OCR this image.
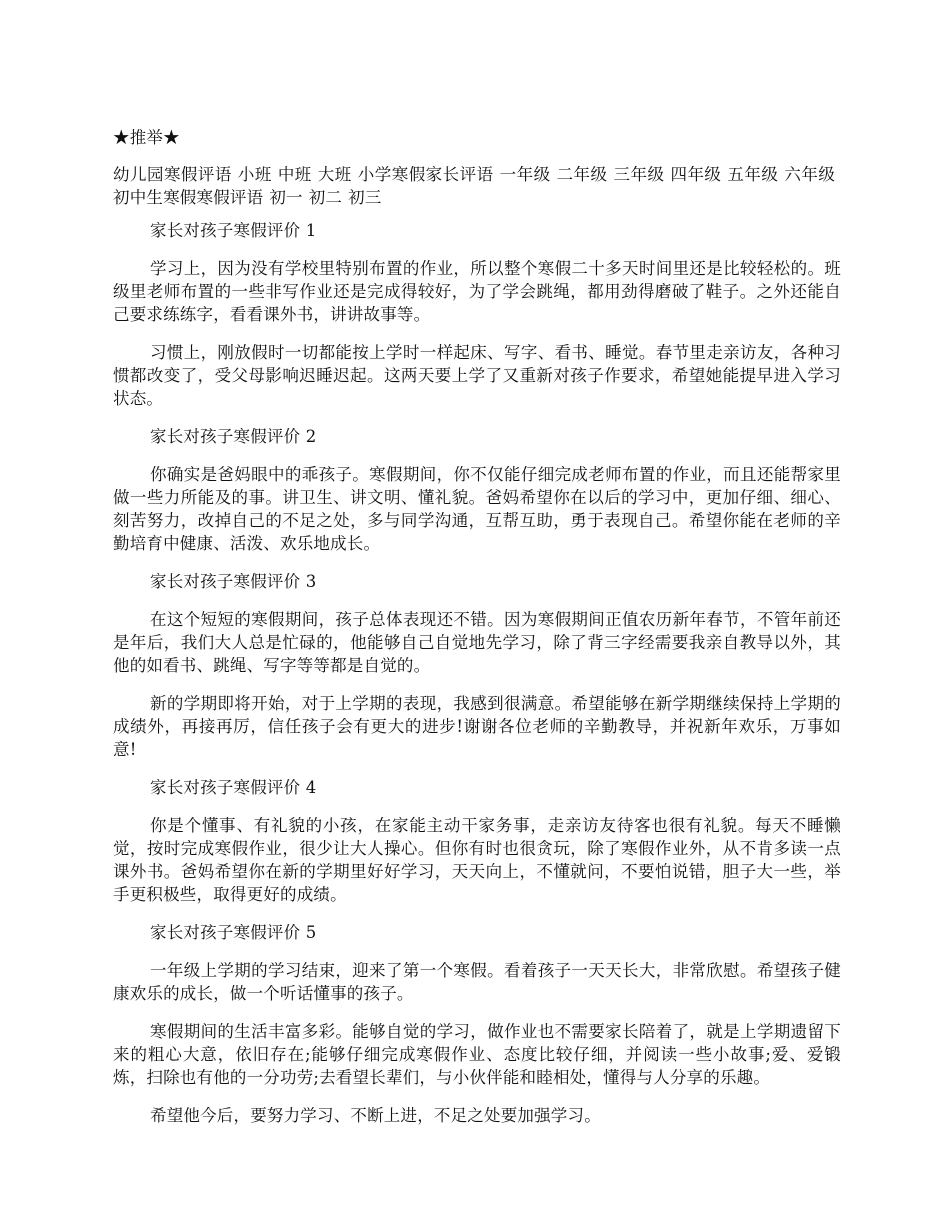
★推举★

幼儿园寒假评语 小班 中班 大班 小学寒假家长评语 一年级 二年级 三年级 四年级 五年级 六年级初中生寒假寒假评语 初一 初二 初三

家长对孩子寒假评价 1

学习上，因为没有学校里特别布置的作业，所以整个寒假二十多天时间里还是比较轻松的。班级里老师布置的一些非写作业还是完成得较好，为了学会跳绳，都用劲得磨破了鞋子。之外还能自己要求练练字，看看课外书，讲讲故事等。

习惯上，刚放假时一切都能按上学时一样起床、写字、看书、睡觉。春节里走亲访友，各种习惯都改变了，受父母影响迟睡迟起。这两天要上学了又重新对孩子作要求，希望她能提早进入学习状态。

家长对孩子寒假评价 2

你确实是爸妈眼中的乖孩子。寒假期间，你不仅能仔细完成老师布置的作业，而且还能帮家里做一些力所能及的事。讲卫生、讲文明、懂礼貌。爸妈希望你在以后的学习中，更加仔细、细心、刻苦努力，改掉自己的不足之处，多与同学沟通，互帮互助，勇于表现自己。希望你能在老师的辛勤培育中健康、活泼、欢乐地成长。

家长对孩子寒假评价 3

在这个短短的寒假期间，孩子总体表现还不错。因为寒假期间正值农历新年春节，不管年前还是年后，我们大人总是忙碌的，他能够自己自觉地先学习，除了背三字经需要我亲自教导以外，其他的如看书、跳绳、写字等等都是自觉的。

新的学期即将开始，对于上学期的表现，我感到很满意。希望能够在新学期继续保持上学期的成绩外，再接再厉，信任孩子会有更大的进步!谢谢各位老师的辛勤教导，并祝新年欢乐，万事如意!

家长对孩子寒假评价 4

你是个懂事、有礼貌的小孩，在家能主动干家务事，走亲访友待客也很有礼貌。每天不睡懒觉，按时完成寒假作业，很少让大人操心。但你有时也很贪玩，除了寒假作业外，从不肯多读一点课外书。爸妈希望你在新的学期里好好学习，天天向上，不懂就问，不要怕说错，胆子大一些，举手更积极些，取得更好的成绩。

家长对孩子寒假评价 5

一年级上学期的学习结束，迎来了第一个寒假。看着孩子一天天长大，非常欣慰。希望孩子健康欢乐的成长，做一个听话懂事的孩子。

寒假期间的生活丰富多彩。能够自觉的学习，做作业也不需要家长陪着了，就是上学期遗留下来的粗心大意，依旧存在;能够仔细完成寒假作业、态度比较仔细，并阅读一些小故事;爱、爱锻炼，扫除也有他的一分功劳;去看望长辈们，与小伙伴能和睦相处，懂得与人分享的乐趣。

希望他今后，要努力学习、不断上进，不足之处要加强学习。
